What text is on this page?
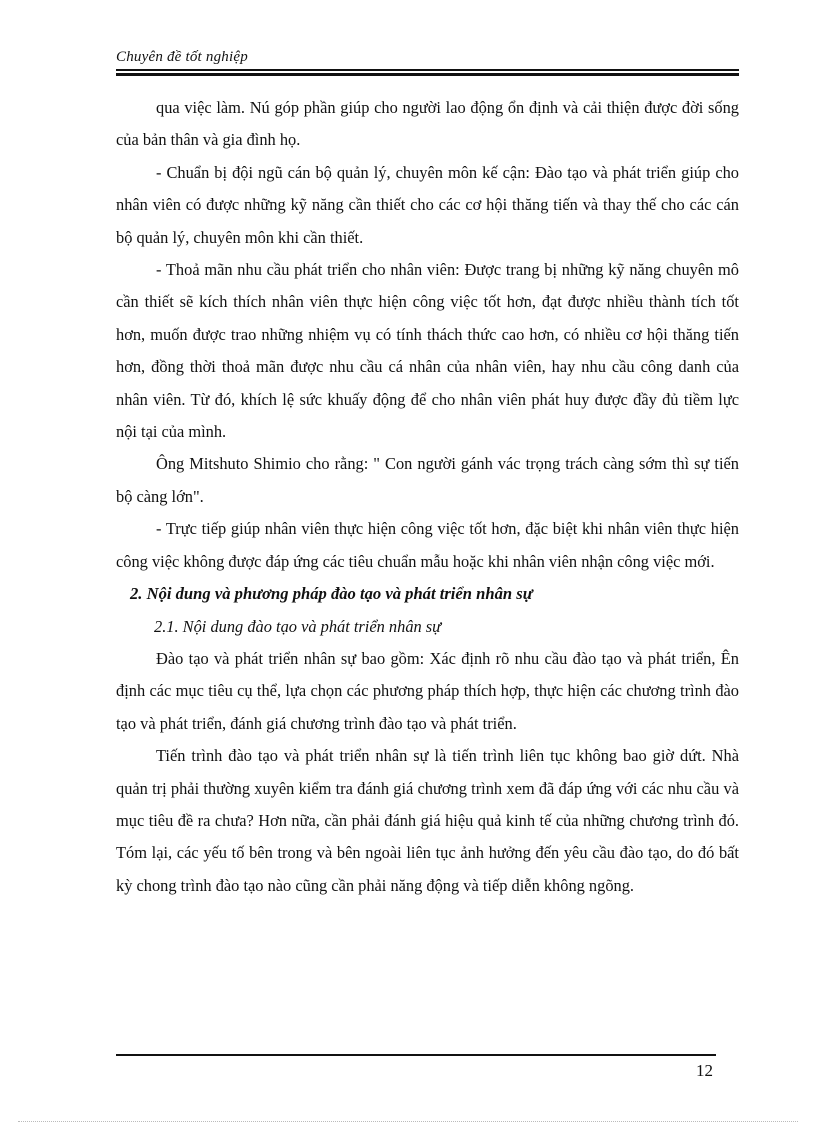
Chuyên đề tốt nghiệp

qua việc làm. Nú góp phần giúp cho người lao động ổn định và cải thiện được đời sống của bản thân và gia đình họ.

- Chuẩn bị đội ngũ cán bộ quản lý, chuyên môn kế cận: Đào tạo và phát triển giúp cho nhân viên có được những kỹ năng cần thiết cho các cơ hội thăng tiến và thay thế cho các cán bộ quản lý, chuyên môn khi cần thiết.

- Thoả mãn nhu cầu phát triển cho nhân viên: Được trang bị những kỹ năng chuyên mô cần thiết sẽ kích thích nhân viên thực hiện công việc tốt hơn, đạt được nhiều thành tích tốt hơn, muốn được trao những nhiệm vụ có tính thách thức cao hơn, có nhiều cơ hội thăng tiến hơn, đồng thời thoả mãn được nhu cầu cá nhân của nhân viên, hay nhu cầu công danh của nhân viên. Từ đó, khích lệ sức khuấy động để cho nhân viên phát huy được đầy đủ tiềm lực nội tại của mình.

Ông Mitshuto Shimio cho rằng: " Con người gánh vác trọng trách càng sớm thì sự tiến bộ càng lớn".

- Trực tiếp giúp nhân viên thực hiện công việc tốt hơn, đặc biệt khi nhân viên thực hiện công việc không được đáp ứng các tiêu chuẩn mẫu hoặc khi nhân viên nhận công việc mới.

2. Nội dung và phương pháp đào tạo và phát triển nhân sự

2.1. Nội dung đào tạo và phát triển nhân sự

Đào tạo và phát triển nhân sự bao gồm: Xác định rõ nhu cầu đào tạo và phát triển, Ên định các mục tiêu cụ thể, lựa chọn các phương pháp thích hợp, thực hiện các chương trình đào tạo và phát triển, đánh giá chương trình đào tạo và phát triển.

Tiến trình đào tạo và phát triển nhân sự là tiến trình liên tục không bao giờ dứt. Nhà quản trị phải thường xuyên kiểm tra đánh giá chương trình xem đã đáp ứng với các nhu cầu và mục tiêu đề ra chưa? Hơn nữa, cần phải đánh giá hiệu quả kinh tế của những chương trình đó. Tóm lại, các yếu tố bên trong và bên ngoài liên tục ảnh hưởng đến yêu cầu đào tạo, do đó bất kỳ chong trình đào tạo nào cũng cần phải năng động và tiếp diễn không ngõng.

12
